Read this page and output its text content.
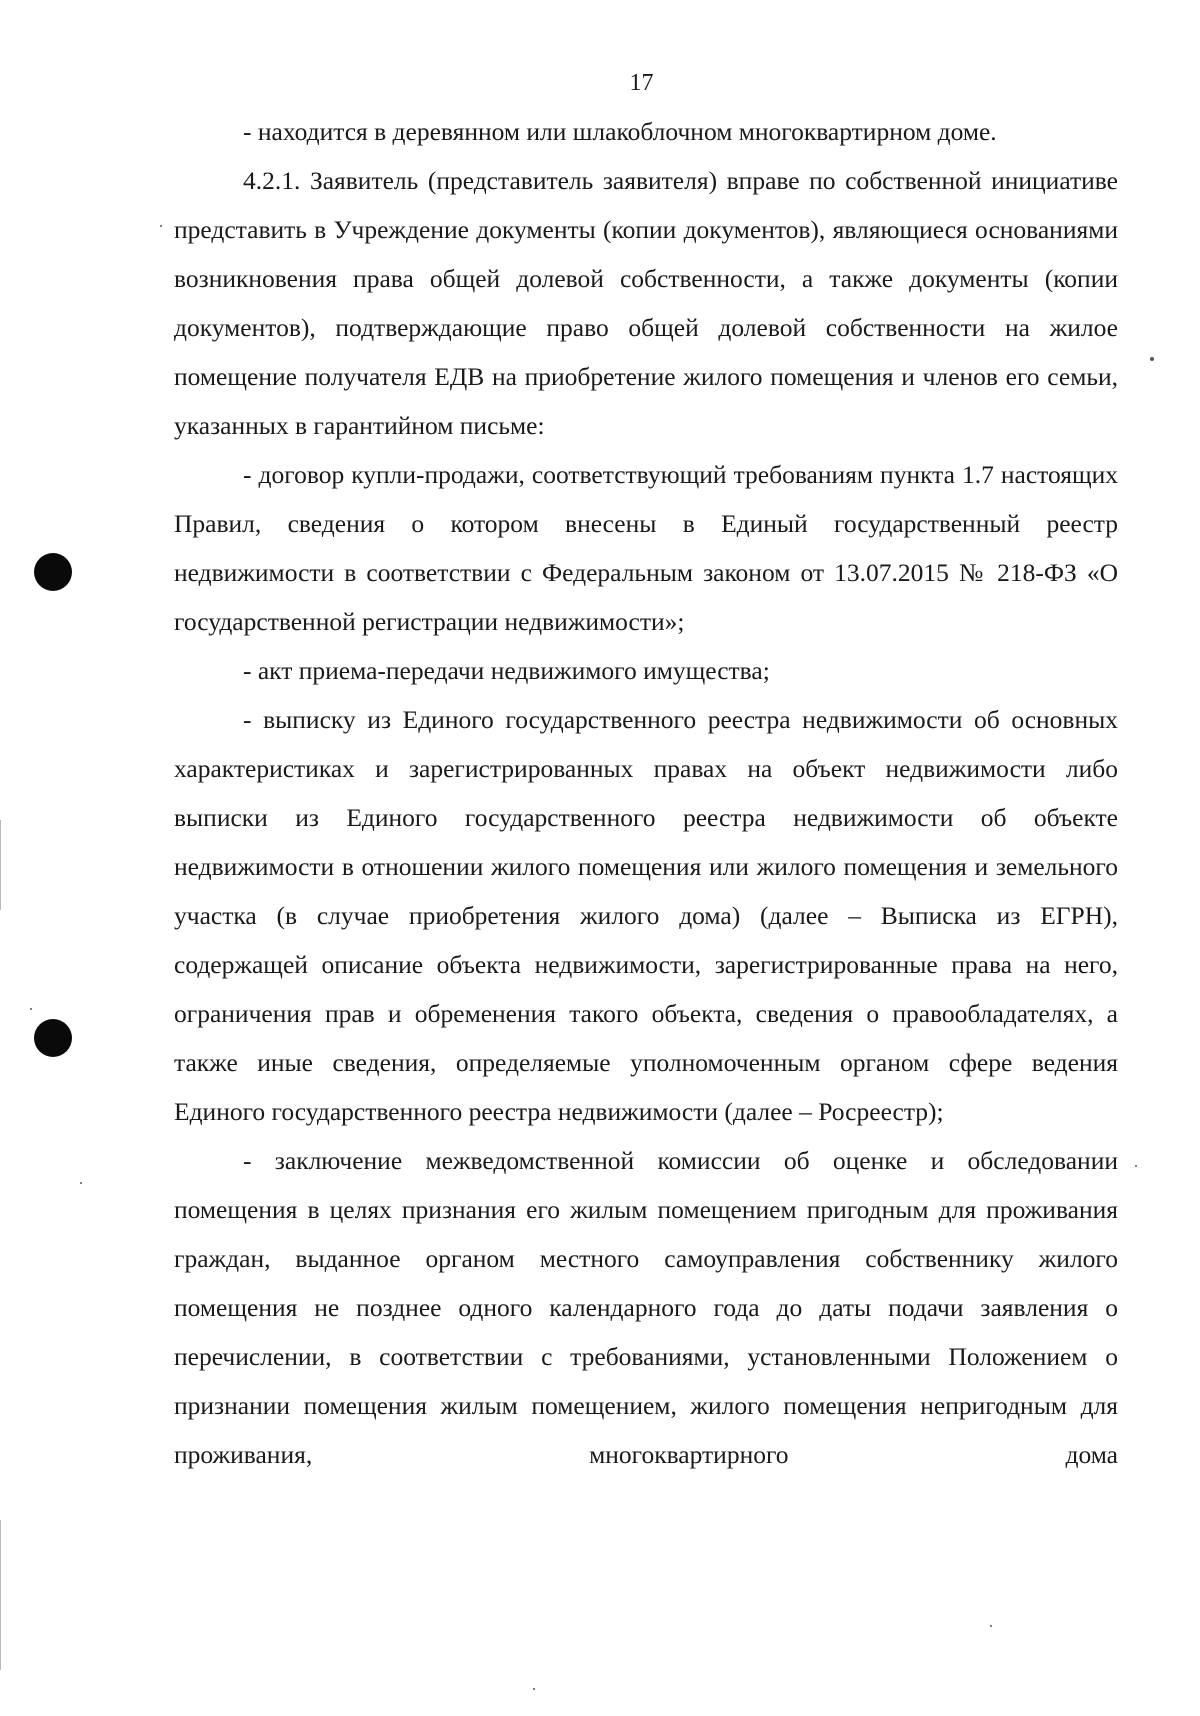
17

- находится в деревянном или шлакоблочном многоквартирном доме.

4.2.1. Заявитель (представитель заявителя) вправе по собственной инициативе представить в Учреждение документы (копии документов), являющиеся основаниями возникновения права общей долевой собственности, а также документы (копии документов), подтверждающие право общей долевой собственности на жилое помещение получателя ЕДВ на приобретение жилого помещения и членов его семьи, указанных в гарантийном письме:

- договор купли-продажи, соответствующий требованиям пункта 1.7 настоящих Правил, сведения о котором внесены в Единый государственный реестр недвижимости в соответствии с Федеральным законом от 13.07.2015 № 218-ФЗ «О государственной регистрации недвижимости»;

- акт приема-передачи недвижимого имущества;

- выписку из Единого государственного реестра недвижимости об основных характеристиках и зарегистрированных правах на объект недвижимости либо выписки из Единого государственного реестра недвижимости об объекте недвижимости в отношении жилого помещения или жилого помещения и земельного участка (в случае приобретения жилого дома) (далее – Выписка из ЕГРН), содержащей описание объекта недвижимости, зарегистрированные права на него, ограничения прав и обременения такого объекта, сведения о правообладателях, а также иные сведения, определяемые уполномоченным органом сфере ведения Единого государственного реестра недвижимости (далее – Росреестр);

- заключение межведомственной комиссии об оценке и обследовании помещения в целях признания его жилым помещением пригодным для проживания граждан, выданное органом местного самоуправления собственнику жилого помещения не позднее одного календарного года до даты подачи заявления о перечислении, в соответствии с требованиями, установленными Положением о признании помещения жилым помещением, жилого помещения непригодным для проживания, многоквартирного дома
